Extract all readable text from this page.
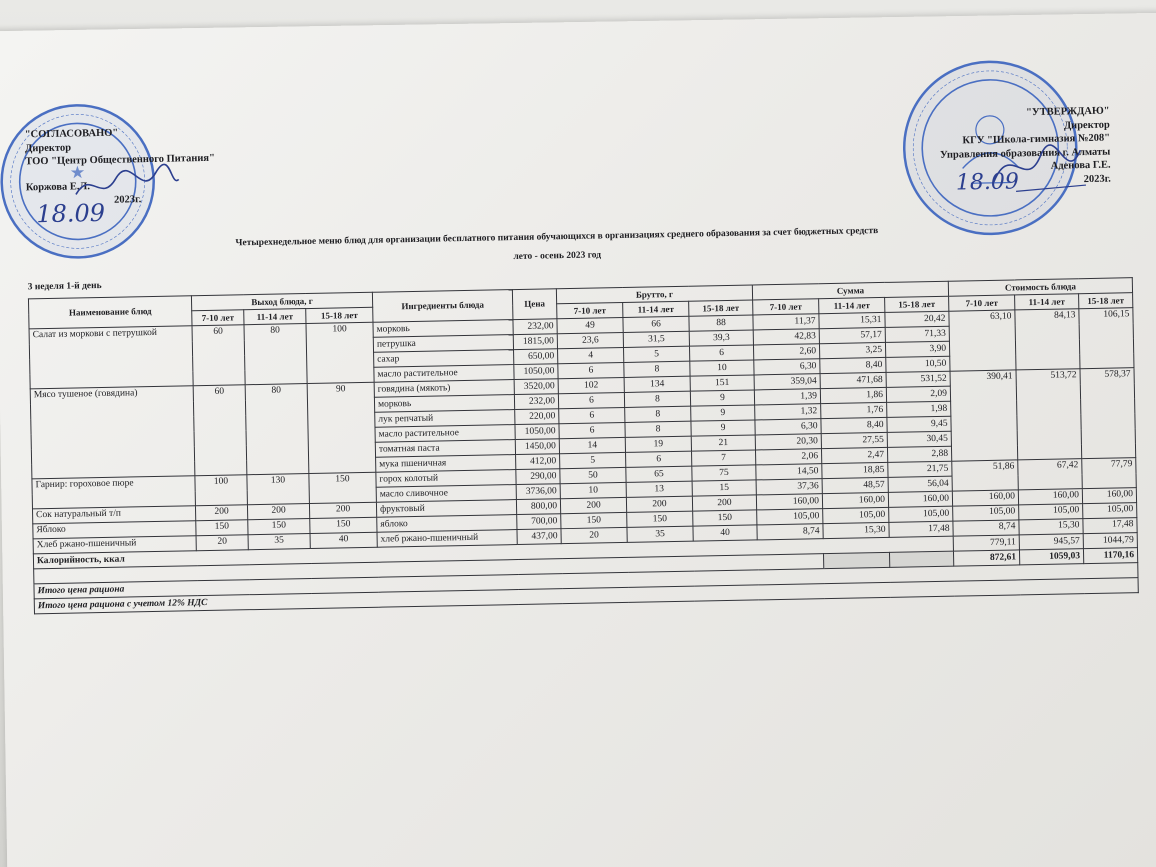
★
"СОГЛАСОВАНО"
Директор
ТОО "Центр Общественного Питания"
Коржова Е.Л.
2023г.
18.09
"УТВЕРЖДАЮ"
Директор
КГУ "Школа-гимназия №208"
Управления образования г. Алматы
Аденова Г.Е.
2023г.
18.09
Четырехнедельное меню блюд для организации бесплатного питания обучающихся в организациях среднего образования за счет бюджетных средств
лето - осень 2023 год
3 неделя 1-й день
Наименование блюд	Выход блюда, г			Ингредиенты блюда	Цена	Брутто, г			Сумма			Стоимость блюда		
	7-10 лет	11-14 лет	15-18 лет			7-10 лет	11-14 лет	15-18 лет	7-10 лет	11-14 лет	15-18 лет	7-10 лет	11-14 лет	15-18 лет
Салат из моркови с петрушкой	60	80	100	морковь	232,00	49	66	88	11,37	15,31	20,42	63,10	84,13	106,15
				петрушка	1815,00	23,6	31,5	39,3	42,83	57,17	71,33			
				сахар	650,00	4	5	6	2,60	3,25	3,90			
				масло растительное	1050,00	6	8	10	6,30	8,40	10,50			
Мясо тушеное (говядина)	60	80	90	говядина (мякоть)	3520,00	102	134	151	359,04	471,68	531,52	390,41	513,72	578,37
				морковь	232,00	6	8	9	1,39	1,86	2,09			
				лук репчатый	220,00	6	8	9	1,32	1,76	1,98			
				масло растительное	1050,00	6	8	9	6,30	8,40	9,45			
				томатная паста	1450,00	14	19	21	20,30	27,55	30,45			
				мука пшеничная	412,00	5	6	7	2,06	2,47	2,88			
Гарнир: гороховое пюре	100	130	150	горох колотый	290,00	50	65	75	14,50	18,85	21,75	51,86	67,42	77,79
				масло сливочное	3736,00	10	13	15	37,36	48,57	56,04			
Сок натуральный т/п	200	200	200	фруктовый	800,00	200	200	200	160,00	160,00	160,00	160,00	160,00	160,00
Яблоко	150	150	150	яблоко	700,00	150	150	150	105,00	105,00	105,00	105,00	105,00	105,00
Хлеб ржано-пшеничный	20	35	40	хлеб ржано-пшеничный	437,00	20	35	40	8,74	15,30	17,48	8,74	15,30	17,48
Калорийность, ккал												779,11	945,57	1044,79
												872,61	1059,03	1170,16
Итого цена рациона														
Итого цена рациона с учетом 12% НДС														
